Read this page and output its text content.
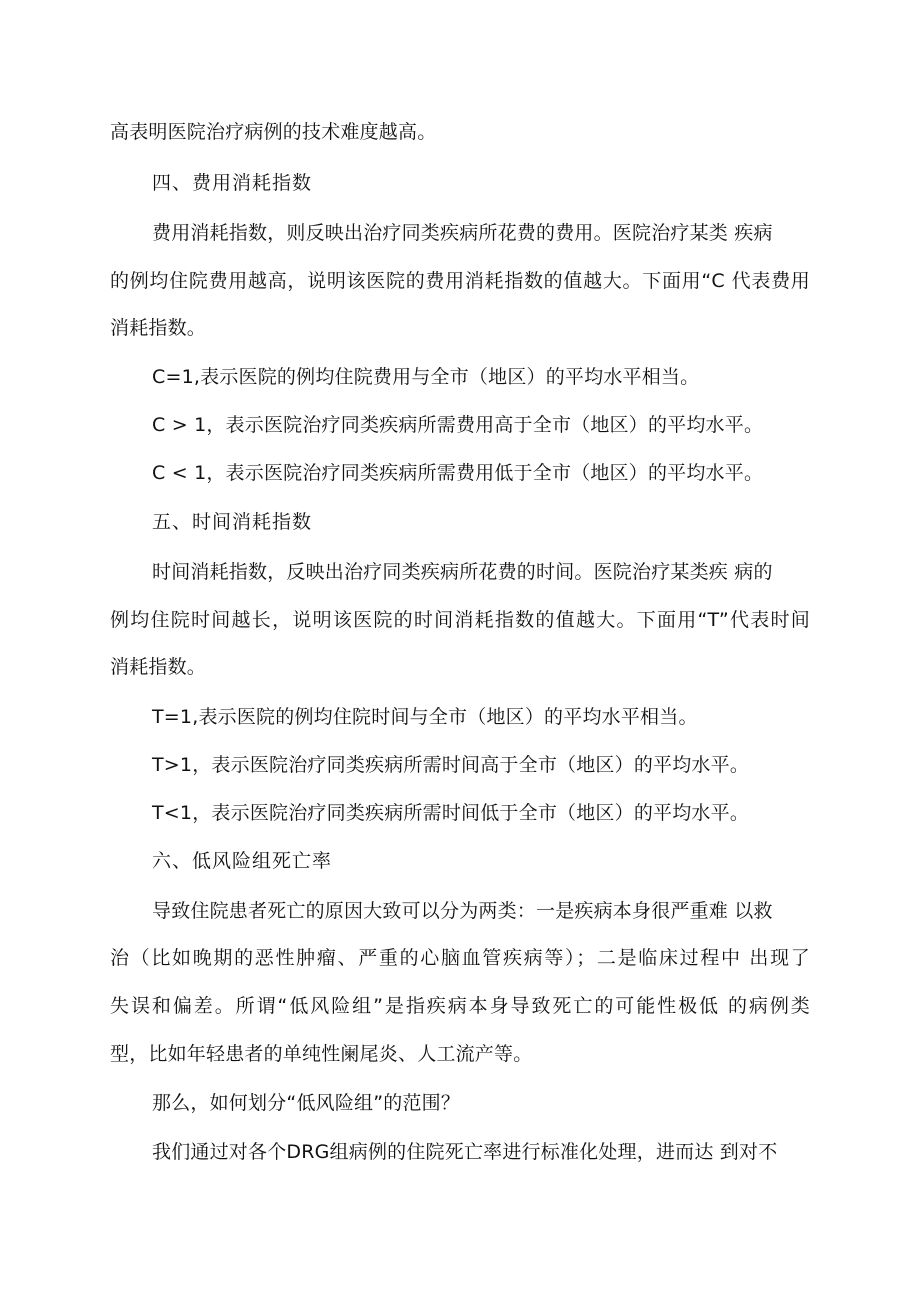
高表明医院治疗病例的技术难度越高。

四、费用消耗指数

费用消耗指数，则反映出治疗同类疾病所花费的费用。医院治疗某类 疾病

的例均住院费用越高，说明该医院的费用消耗指数的值越大。下面用“C 代表费用

消耗指数。

C=1,表示医院的例均住院费用与全市（地区）的平均水平相当。

C > 1，表示医院治疗同类疾病所需费用高于全市（地区）的平均水平。

C < 1，表示医院治疗同类疾病所需费用低于全市（地区）的平均水平。

五、时间消耗指数

时间消耗指数，反映出治疗同类疾病所花费的时间。医院治疗某类疾 病的

例均住院时间越长，说明该医院的时间消耗指数的值越大。下面用“T”代表时间

消耗指数。

T=1,表示医院的例均住院时间与全市（地区）的平均水平相当。

T>1，表示医院治疗同类疾病所需时间高于全市（地区）的平均水平。

T<1，表示医院治疗同类疾病所需时间低于全市（地区）的平均水平。

六、低风险组死亡率

导致住院患者死亡的原因大致可以分为两类：一是疾病本身很严重难 以救

治（比如晚期的恶性肿瘤、严重的心脑血管疾病等）；二是临床过程中 出现了

失误和偏差。所谓“低风险组”是指疾病本身导致死亡的可能性极低 的病例类

型，比如年轻患者的单纯性阑尾炎、人工流产等。

那么，如何划分“低风险组”的范围？

我们通过对各个DRG组病例的住院死亡率进行标准化处理，进而达 到对不
